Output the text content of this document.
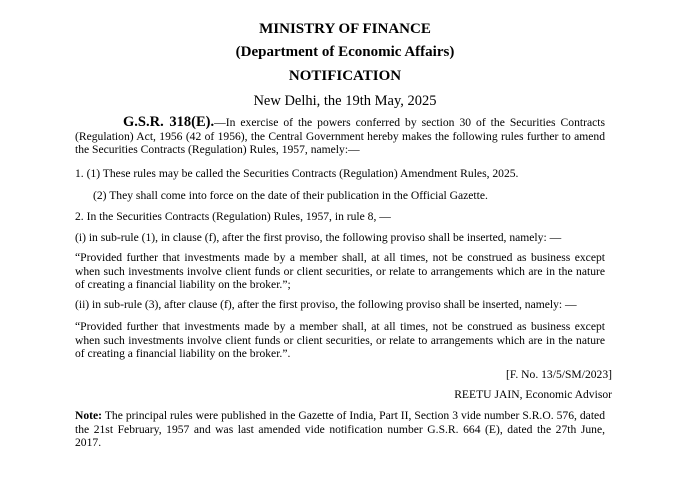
MINISTRY OF FINANCE
(Department of Economic Affairs)
NOTIFICATION
New Delhi, the 19th May, 2025
G.S.R. 318(E).—In exercise of the powers conferred by section 30 of the Securities Contracts (Regulation) Act, 1956 (42 of 1956), the Central Government hereby makes the following rules further to amend the Securities Contracts (Regulation) Rules, 1957, namely:—
1. (1) These rules may be called the Securities Contracts (Regulation) Amendment Rules, 2025.
(2) They shall come into force on the date of their publication in the Official Gazette.
2. In the Securities Contracts (Regulation) Rules, 1957, in rule 8, —
(i) in sub-rule (1), in clause (f), after the first proviso, the following proviso shall be inserted, namely: —
“Provided further that investments made by a member shall, at all times, not be construed as business except when such investments involve client funds or client securities, or relate to arrangements which are in the nature of creating a financial liability on the broker.”;
(ii) in sub-rule (3), after clause (f), after the first proviso, the following proviso shall be inserted, namely: —
“Provided further that investments made by a member shall, at all times, not be construed as business except when such investments involve client funds or client securities, or relate to arrangements which are in the nature of creating a financial liability on the broker.”.
[F. No. 13/5/SM/2023]
REETU JAIN, Economic Advisor
Note: The principal rules were published in the Gazette of India, Part II, Section 3 vide number S.R.O. 576, dated the 21st February, 1957 and was last amended vide notification number G.S.R. 664 (E), dated the 27th June, 2017.
